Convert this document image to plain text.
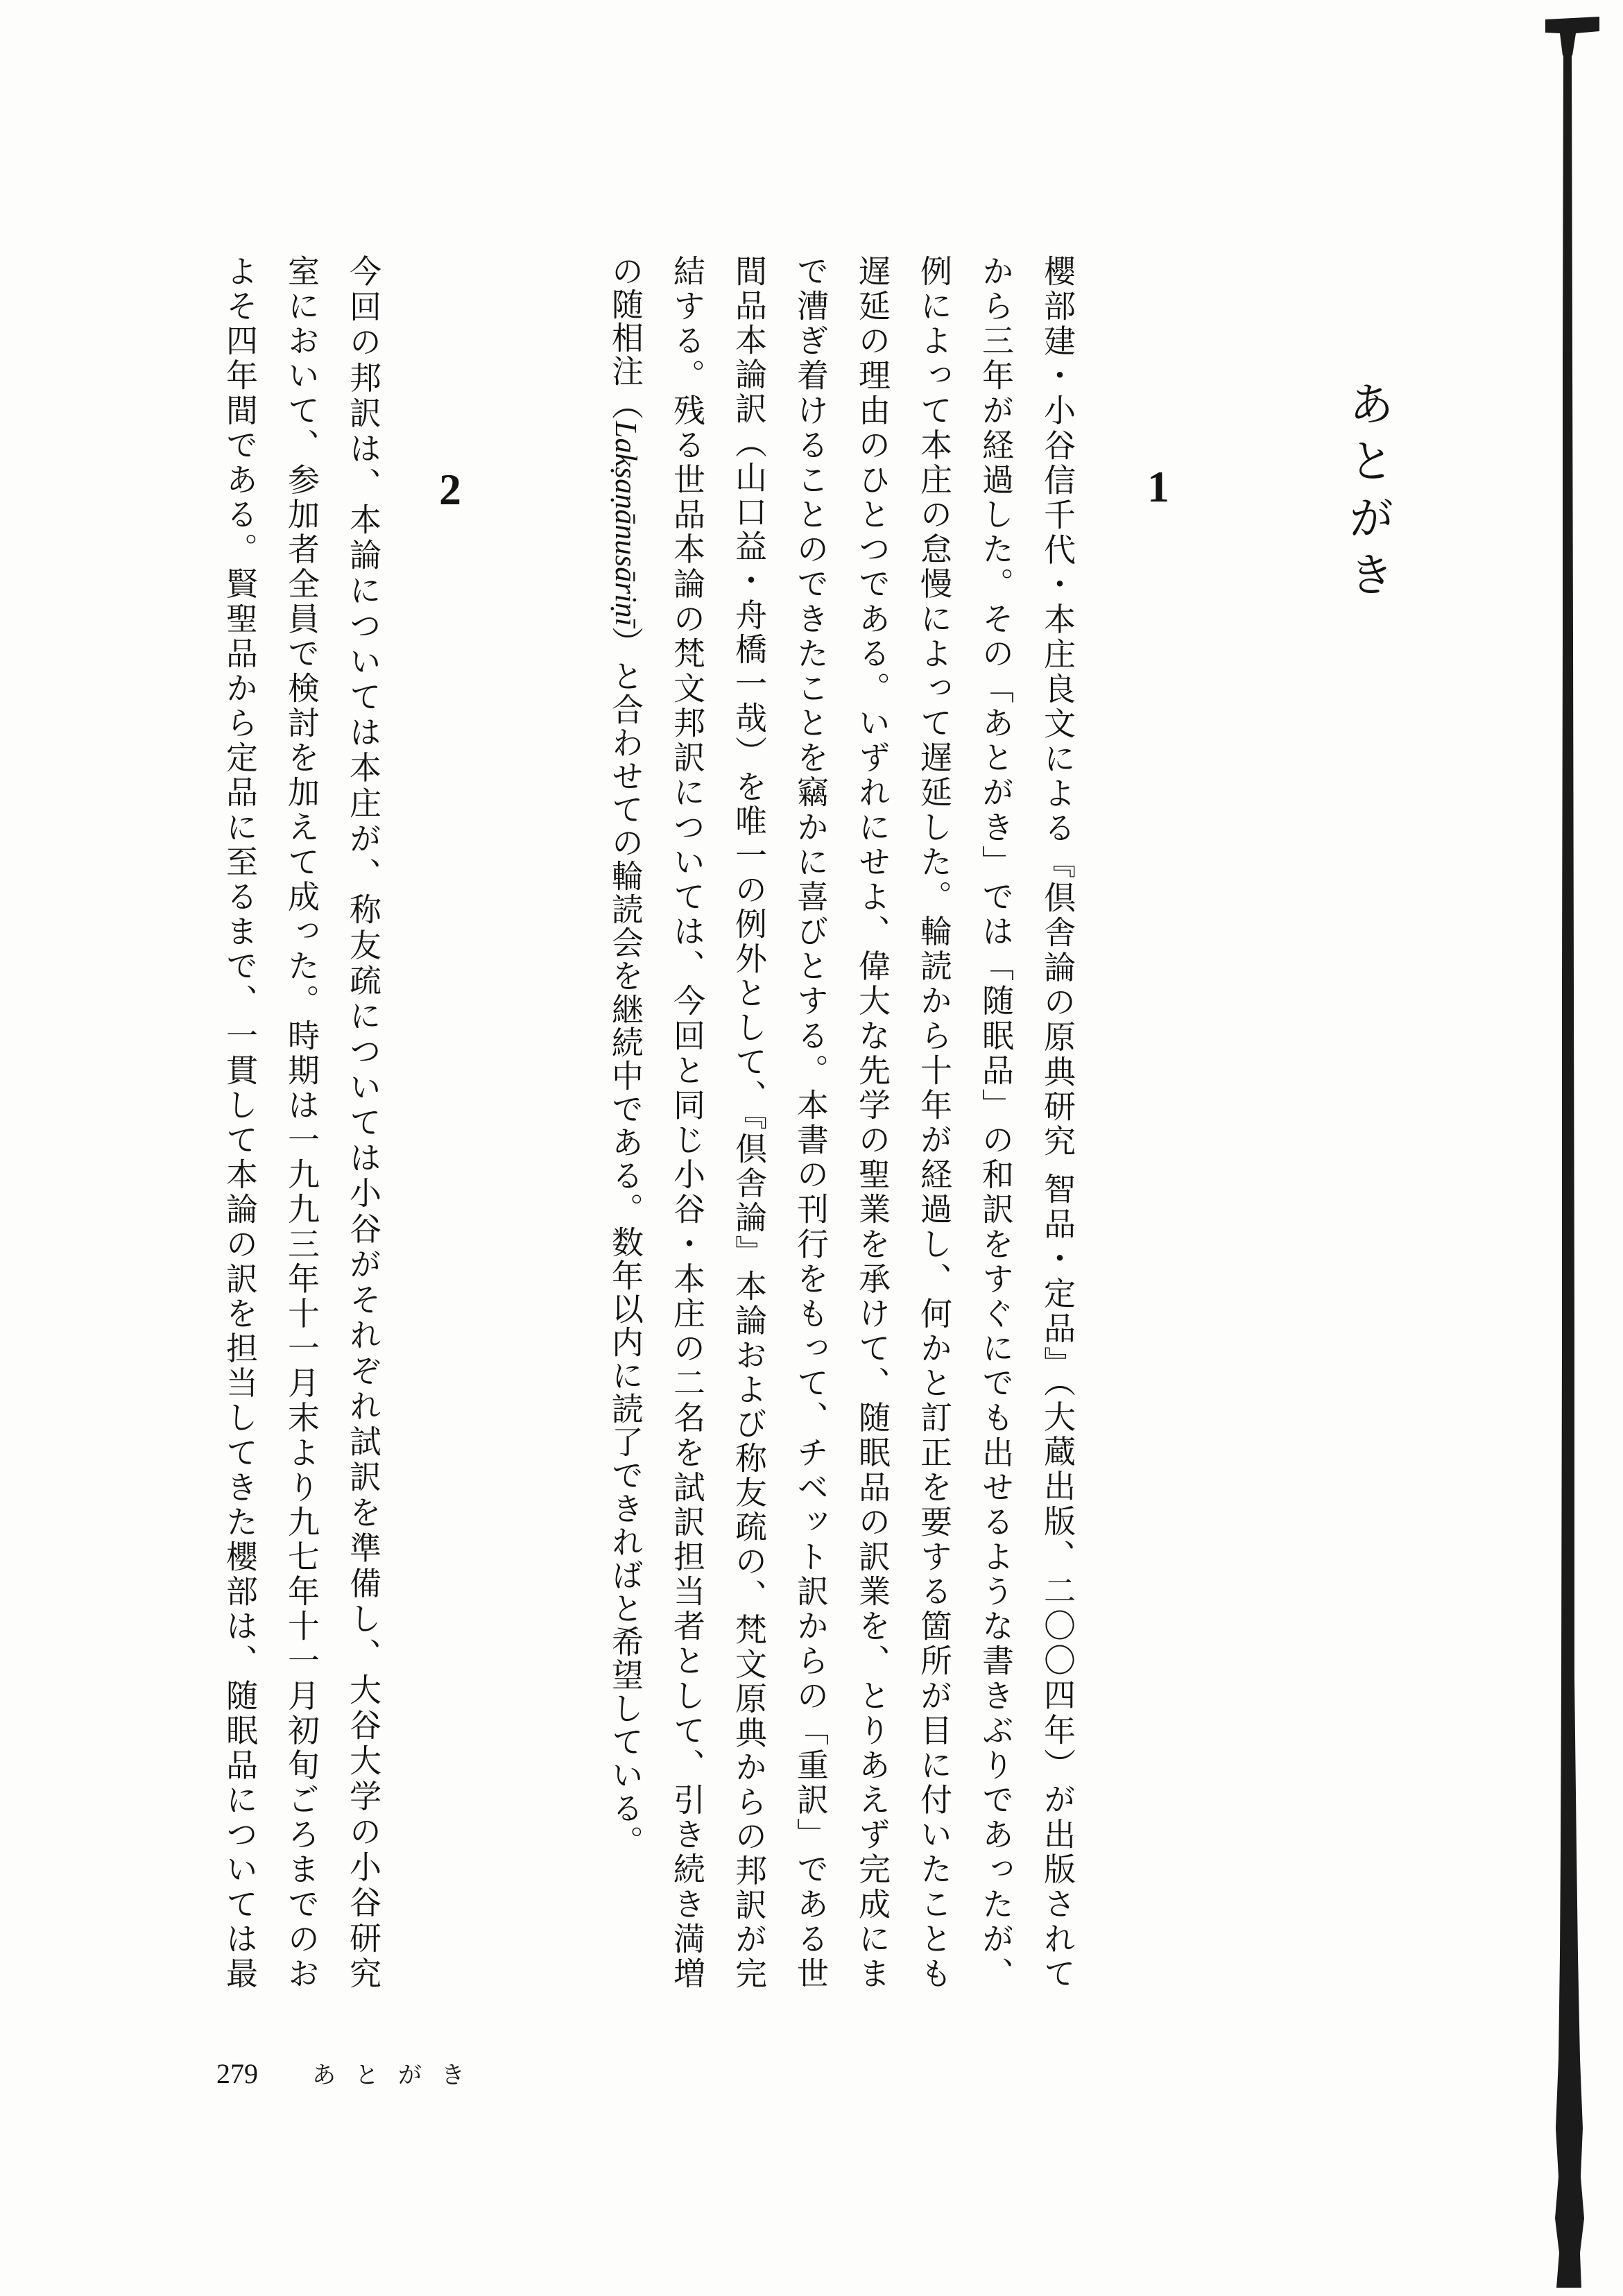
あとがき
1
櫻部建・小谷信千代・本庄良文による『倶舎論の原典研究 智品・定品』（大蔵出版、二〇〇四年）が出版されて
から三年が経過した。その「あとがき」では「随眠品」の和訳をすぐにでも出せるような書きぶりであったが、
例によって本庄の怠慢によって遅延した。輪読から十年が経過し、何かと訂正を要する箇所が目に付いたことも
遅延の理由のひとつである。いずれにせよ、偉大な先学の聖業を承けて、随眠品の訳業を、とりあえず完成にま
で漕ぎ着けることのできたことを竊かに喜びとする。本書の刊行をもって、チベット訳からの「重訳」である世
間品本論訳（山口益・舟橋一哉）を唯一の例外として、『倶舎論』本論および称友疏の、梵文原典からの邦訳が完
結する。残る世品本論の梵文邦訳については、今回と同じ小谷・本庄の二名を試訳担当者として、引き続き満増
の随相注（Lakṣaṇānusāriṇī）と合わせての輪読会を継続中である。数年以内に読了できればと希望している。
2
今回の邦訳は、本論については本庄が、称友疏については小谷がそれぞれ試訳を準備し、大谷大学の小谷研究
室において、参加者全員で検討を加えて成った。時期は一九九三年十一月末より九七年十一月初旬ごろまでのお
よそ四年間である。賢聖品から定品に至るまで、一貫して本論の訳を担当してきた櫻部は、随眠品については最
279 あとがき
